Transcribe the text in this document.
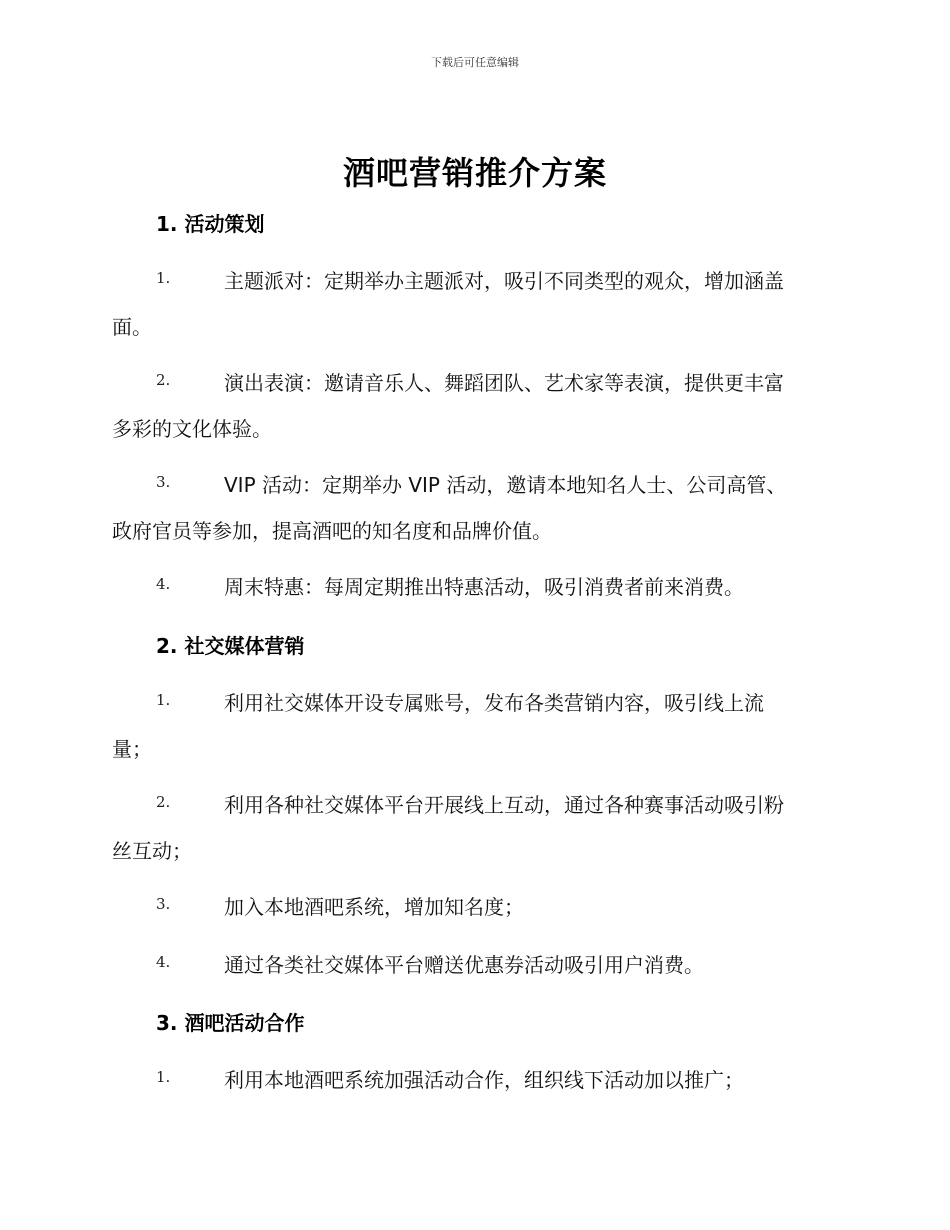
下载后可任意编辑
酒吧营销推介方案
1. 活动策划
1.	主题派对：定期举办主题派对，吸引不同类型的观众，增加涵盖
面。
2.	演出表演：邀请音乐人、舞蹈团队、艺术家等表演，提供更丰富
多彩的文化体验。
3.	VIP 活动：定期举办 VIP 活动，邀请本地知名人士、公司高管、
政府官员等参加，提高酒吧的知名度和品牌价值。
4.	周末特惠：每周定期推出特惠活动，吸引消费者前来消费。
2. 社交媒体营销
1.	利用社交媒体开设专属账号，发布各类营销内容，吸引线上流
量；
2.	利用各种社交媒体平台开展线上互动，通过各种赛事活动吸引粉
丝互动；
3.	加入本地酒吧系统，增加知名度；
4.	通过各类社交媒体平台赠送优惠券活动吸引用户消费。
3. 酒吧活动合作
1.	利用本地酒吧系统加强活动合作，组织线下活动加以推广；
